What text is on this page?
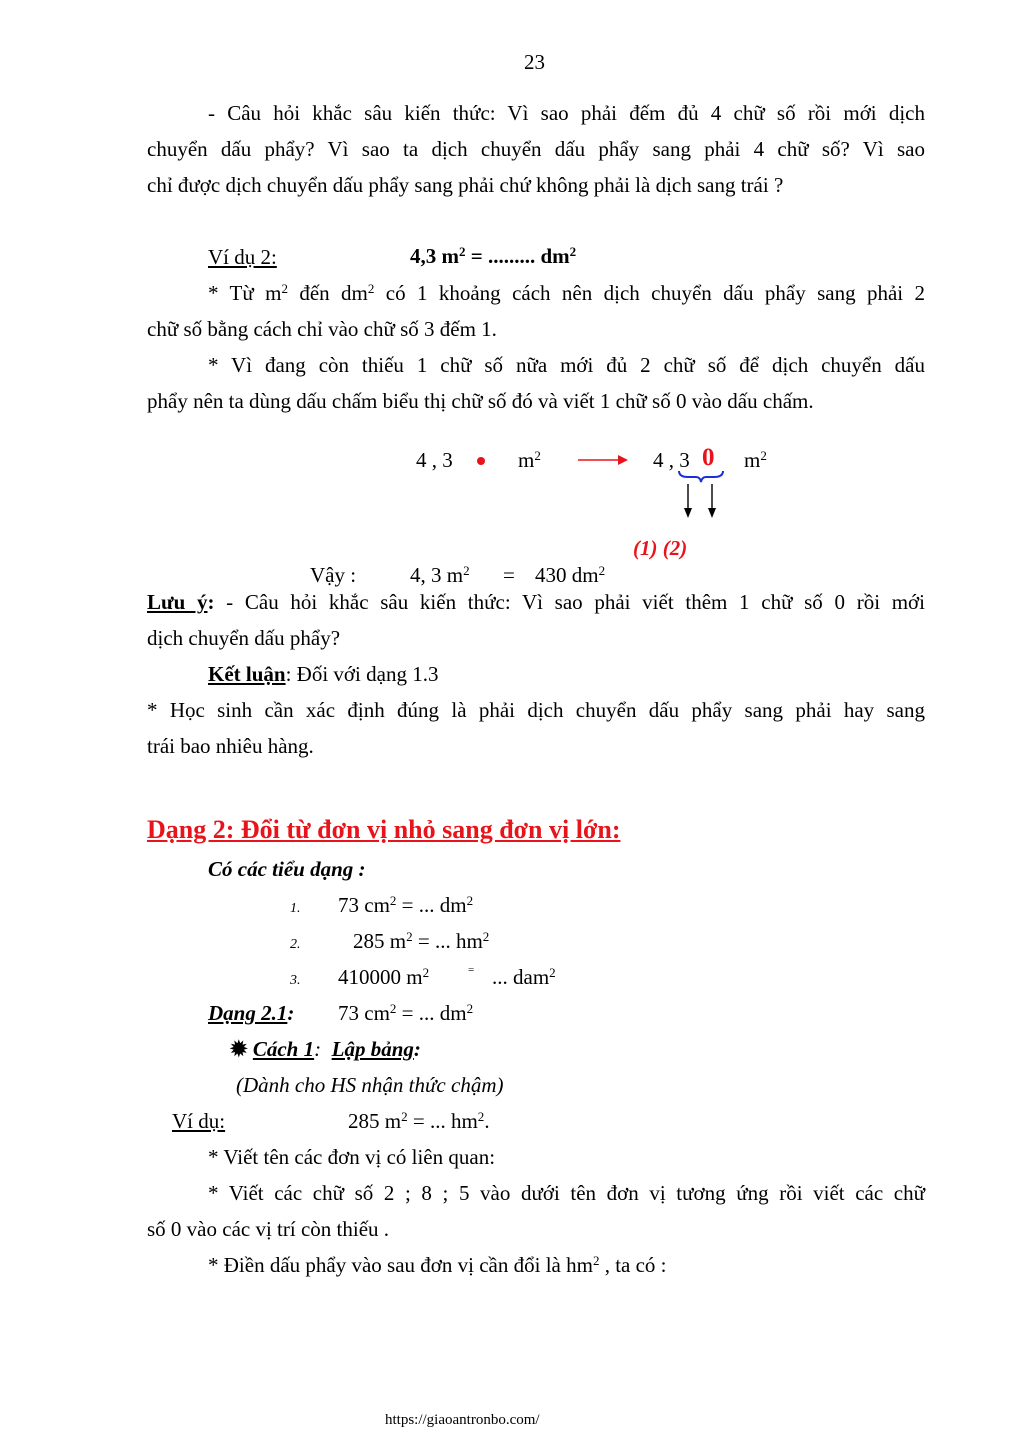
23
- Câu hỏi khắc sâu kiến thức: Vì sao phải đếm đủ 4 chữ số rồi mới dịch
chuyển dấu phẩy? Vì sao ta dịch chuyển dấu phẩy sang phải 4 chữ số? Vì sao
chỉ được dịch chuyển dấu phẩy sang phải chứ không phải là dịch sang trái ?
Ví dụ 2:	4,3 $m^2$ = ......... $dm^2$
* Từ $m^2$ đến $dm^2$ có 1 khoảng cách nên dịch chuyển dấu phẩy sang phải 2
chữ số bằng cách chỉ vào chữ số 3 đếm 1.
* Vì đang còn thiếu 1 chữ số nữa mới đủ 2 chữ số để dịch chuyển dấu
phẩy nên ta dùng dấu chấm biểu thị chữ số đó và viết 1 chữ số 0 vào dấu chấm.
4 , 3	$m^2$	4 , 3 0 $m^2$
(1) (2)
Vậy :	4, 3 $m^2 = 430$ $dm^2$
Lưu ý: - Câu hỏi khắc sâu kiến thức: Vì sao phải viết thêm 1 chữ số 0 rồi mới
dịch chuyển dấu phẩy?
Kết luận: Đối với dạng 1.3
* Học sinh cần xác định đúng là phải dịch chuyển dấu phẩy sang phải hay sang
trái bao nhiêu hàng.
Dạng 2: Đổi từ đơn vị nhỏ sang đơn vị lớn:
Có các tiểu dạng :
1. 73 $cm^2$ = ... $dm^2$
2.	285 $m^2$ = ... $hm^2$
3. 410000 $m^2$	= ... dam$^2$
Dạng 2.1: 73 $cm^2$ = ... $dm^2$
✹ Cách 1: Lập bảng:
(Dành cho HS nhận thức chậm)
Ví dụ:	285 $m^2$ = ... $hm^2$.
* Viết tên các đơn vị có liên quan:
* Viết các chữ số 2 ; 8 ; 5 vào dưới tên đơn vị tương ứng rồi viết các chữ
số 0 vào các vị trí còn thiếu .
* Điền dấu phẩy vào sau đơn vị cần đổi là $hm^2$ , ta có :
https://giaoantronbo.com/
